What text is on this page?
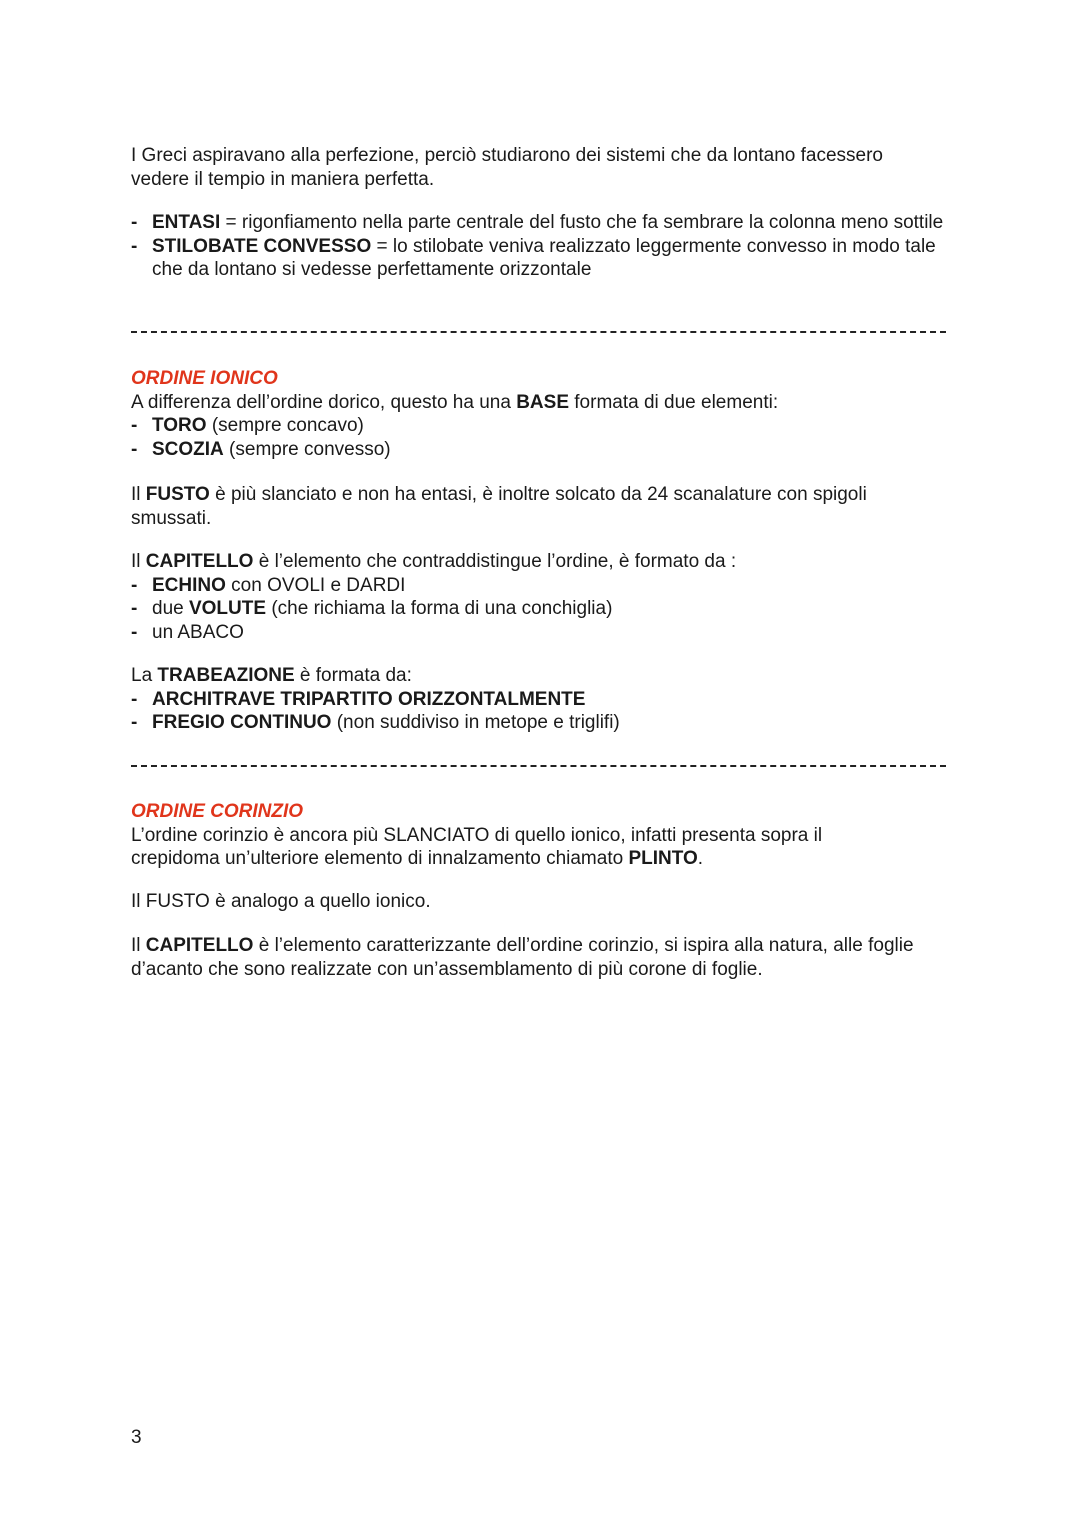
I Greci aspiravano alla perfezione, perciò studiarono dei sistemi che da lontano facessero

vedere il tempio in maniera perfetta.

- ENTASI = rigonfiamento nella parte centrale del fusto che fa sembrare la colonna meno sottile
- STILOBATE CONVESSO = lo stilobate veniva realizzato leggermente convesso in modo tale che da lontano si vedesse perfettamente orizzontale

ORDINE IONICO

A differenza dell’ordine dorico, questo ha una BASE formata di due elementi:

- TORO (sempre concavo)
- SCOZIA (sempre convesso)

Il FUSTO è più slanciato e non ha entasi, è inoltre solcato da 24 scanalature con spigoli smussati.

Il CAPITELLO è l’elemento che contraddistingue l’ordine, è formato da :

- ECHINO con OVOLI e DARDI
- due VOLUTE (che richiama la forma di una conchiglia)
- un ABACO

La TRABEAZIONE è formata da:

- ARCHITRAVE TRIPARTITO ORIZZONTALMENTE
- FREGIO CONTINUO (non suddiviso in metope e triglifi)

ORDINE CORINZIO

L’ordine corinzio è ancora più SLANCIATO di quello ionico, infatti presenta sopra il crepidoma un’ulteriore elemento di innalzamento chiamato PLINTO.

Il FUSTO è analogo a quello ionico.

Il CAPITELLO è l’elemento caratterizzante dell’ordine corinzio, si ispira alla natura, alle foglie d’acanto che sono realizzate con un’assemblamento di più corone di foglie.

3
